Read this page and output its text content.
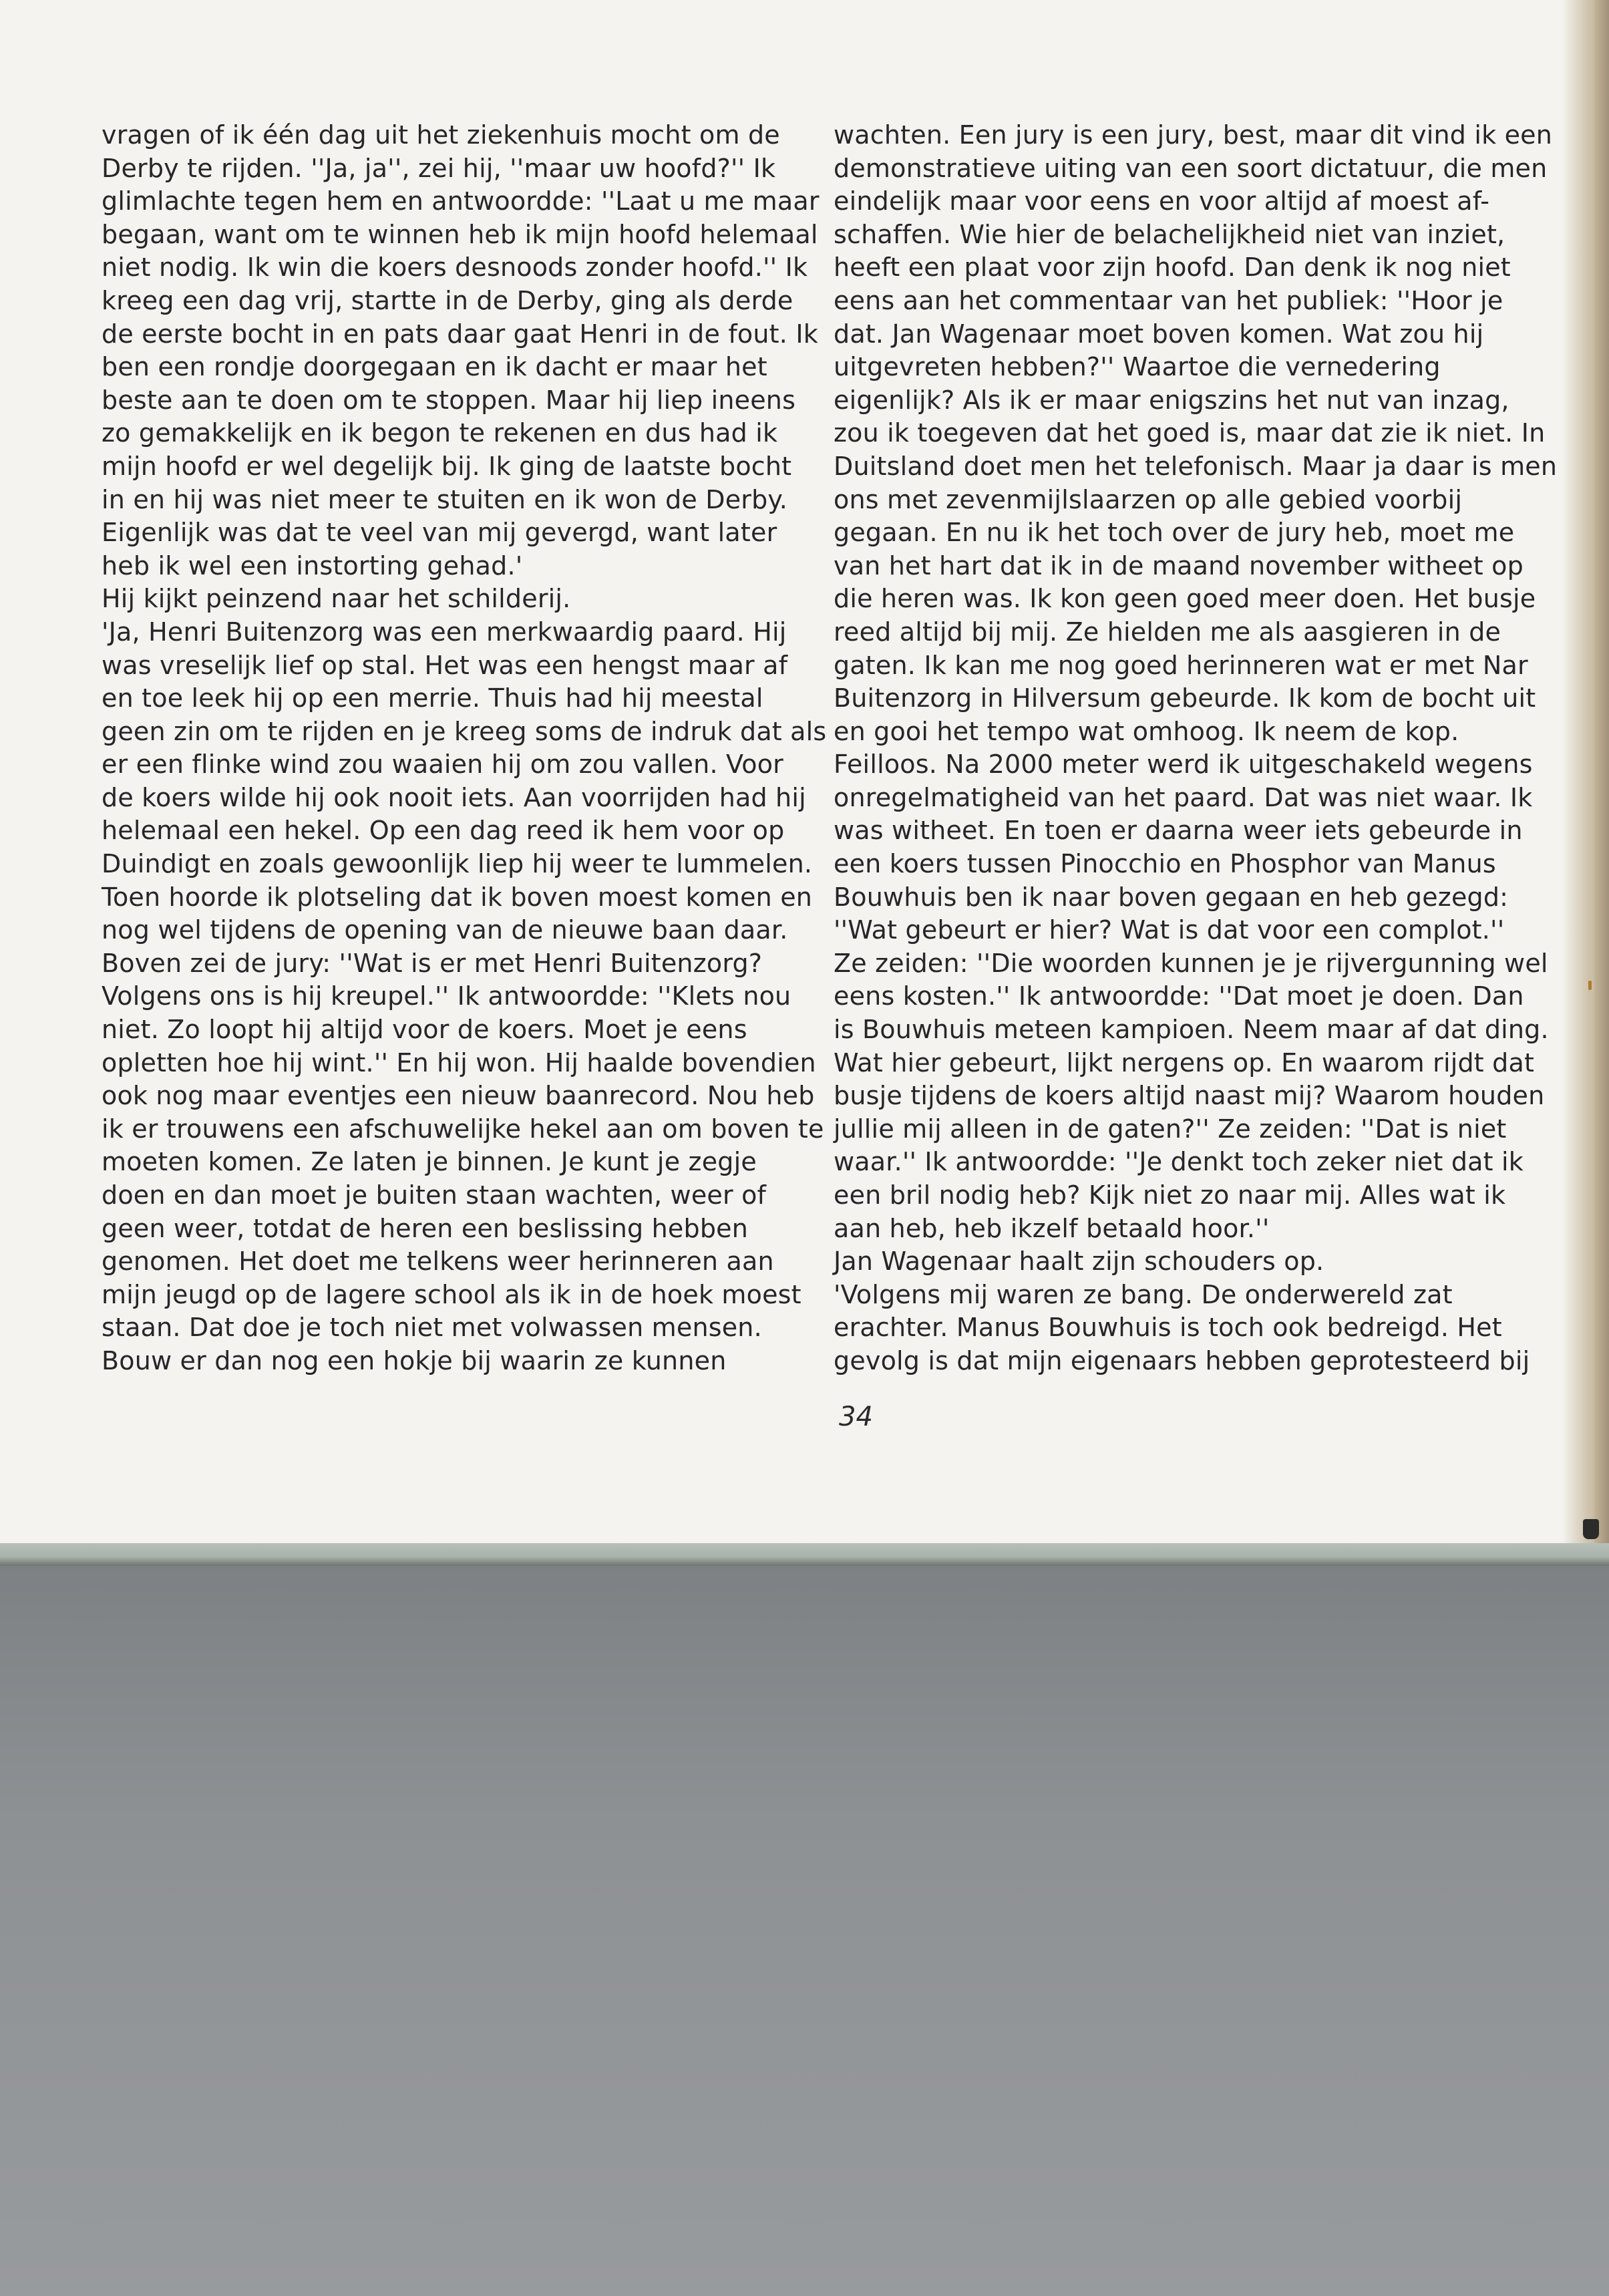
vragen of ik één dag uit het ziekenhuis mocht om de
Derby te rijden. ''Ja, ja'', zei hij, ''maar uw hoofd?'' Ik
glimlachte tegen hem en antwoordde: ''Laat u me maar
begaan, want om te winnen heb ik mijn hoofd helemaal
niet nodig. Ik win die koers desnoods zonder hoofd.'' Ik
kreeg een dag vrij, startte in de Derby, ging als derde
de eerste bocht in en pats daar gaat Henri in de fout. Ik
ben een rondje doorgegaan en ik dacht er maar het
beste aan te doen om te stoppen. Maar hij liep ineens
zo gemakkelijk en ik begon te rekenen en dus had ik
mijn hoofd er wel degelijk bij. Ik ging de laatste bocht
in en hij was niet meer te stuiten en ik won de Derby.
Eigenlijk was dat te veel van mij gevergd, want later
heb ik wel een instorting gehad.'
Hij kijkt peinzend naar het schilderij.
'Ja, Henri Buitenzorg was een merkwaardig paard. Hij
was vreselijk lief op stal. Het was een hengst maar af
en toe leek hij op een merrie. Thuis had hij meestal
geen zin om te rijden en je kreeg soms de indruk dat als
er een flinke wind zou waaien hij om zou vallen. Voor
de koers wilde hij ook nooit iets. Aan voorrijden had hij
helemaal een hekel. Op een dag reed ik hem voor op
Duindigt en zoals gewoonlijk liep hij weer te lummelen.
Toen hoorde ik plotseling dat ik boven moest komen en
nog wel tijdens de opening van de nieuwe baan daar.
Boven zei de jury: ''Wat is er met Henri Buitenzorg?
Volgens ons is hij kreupel.'' Ik antwoordde: ''Klets nou
niet. Zo loopt hij altijd voor de koers. Moet je eens
opletten hoe hij wint.'' En hij won. Hij haalde bovendien
ook nog maar eventjes een nieuw baanrecord. Nou heb
ik er trouwens een afschuwelijke hekel aan om boven te
moeten komen. Ze laten je binnen. Je kunt je zegje
doen en dan moet je buiten staan wachten, weer of
geen weer, totdat de heren een beslissing hebben
genomen. Het doet me telkens weer herinneren aan
mijn jeugd op de lagere school als ik in de hoek moest
staan. Dat doe je toch niet met volwassen mensen.
Bouw er dan nog een hokje bij waarin ze kunnen
wachten. Een jury is een jury, best, maar dit vind ik een
demonstratieve uiting van een soort dictatuur, die men
eindelijk maar voor eens en voor altijd af moest af-
schaffen. Wie hier de belachelijkheid niet van inziet,
heeft een plaat voor zijn hoofd. Dan denk ik nog niet
eens aan het commentaar van het publiek: ''Hoor je
dat. Jan Wagenaar moet boven komen. Wat zou hij
uitgevreten hebben?'' Waartoe die vernedering
eigenlijk? Als ik er maar enigszins het nut van inzag,
zou ik toegeven dat het goed is, maar dat zie ik niet. In
Duitsland doet men het telefonisch. Maar ja daar is men
ons met zevenmijlslaarzen op alle gebied voorbij
gegaan. En nu ik het toch over de jury heb, moet me
van het hart dat ik in de maand november witheet op
die heren was. Ik kon geen goed meer doen. Het busje
reed altijd bij mij. Ze hielden me als aasgieren in de
gaten. Ik kan me nog goed herinneren wat er met Nar
Buitenzorg in Hilversum gebeurde. Ik kom de bocht uit
en gooi het tempo wat omhoog. Ik neem de kop.
Feilloos. Na 2000 meter werd ik uitgeschakeld wegens
onregelmatigheid van het paard. Dat was niet waar. Ik
was witheet. En toen er daarna weer iets gebeurde in
een koers tussen Pinocchio en Phosphor van Manus
Bouwhuis ben ik naar boven gegaan en heb gezegd:
''Wat gebeurt er hier? Wat is dat voor een complot.''
Ze zeiden: ''Die woorden kunnen je je rijvergunning wel
eens kosten.'' Ik antwoordde: ''Dat moet je doen. Dan
is Bouwhuis meteen kampioen. Neem maar af dat ding.
Wat hier gebeurt, lijkt nergens op. En waarom rijdt dat
busje tijdens de koers altijd naast mij? Waarom houden
jullie mij alleen in de gaten?'' Ze zeiden: ''Dat is niet
waar.'' Ik antwoordde: ''Je denkt toch zeker niet dat ik
een bril nodig heb? Kijk niet zo naar mij. Alles wat ik
aan heb, heb ikzelf betaald hoor.''
Jan Wagenaar haalt zijn schouders op.
'Volgens mij waren ze bang. De onderwereld zat
erachter. Manus Bouwhuis is toch ook bedreigd. Het
gevolg is dat mijn eigenaars hebben geprotesteerd bij
34
